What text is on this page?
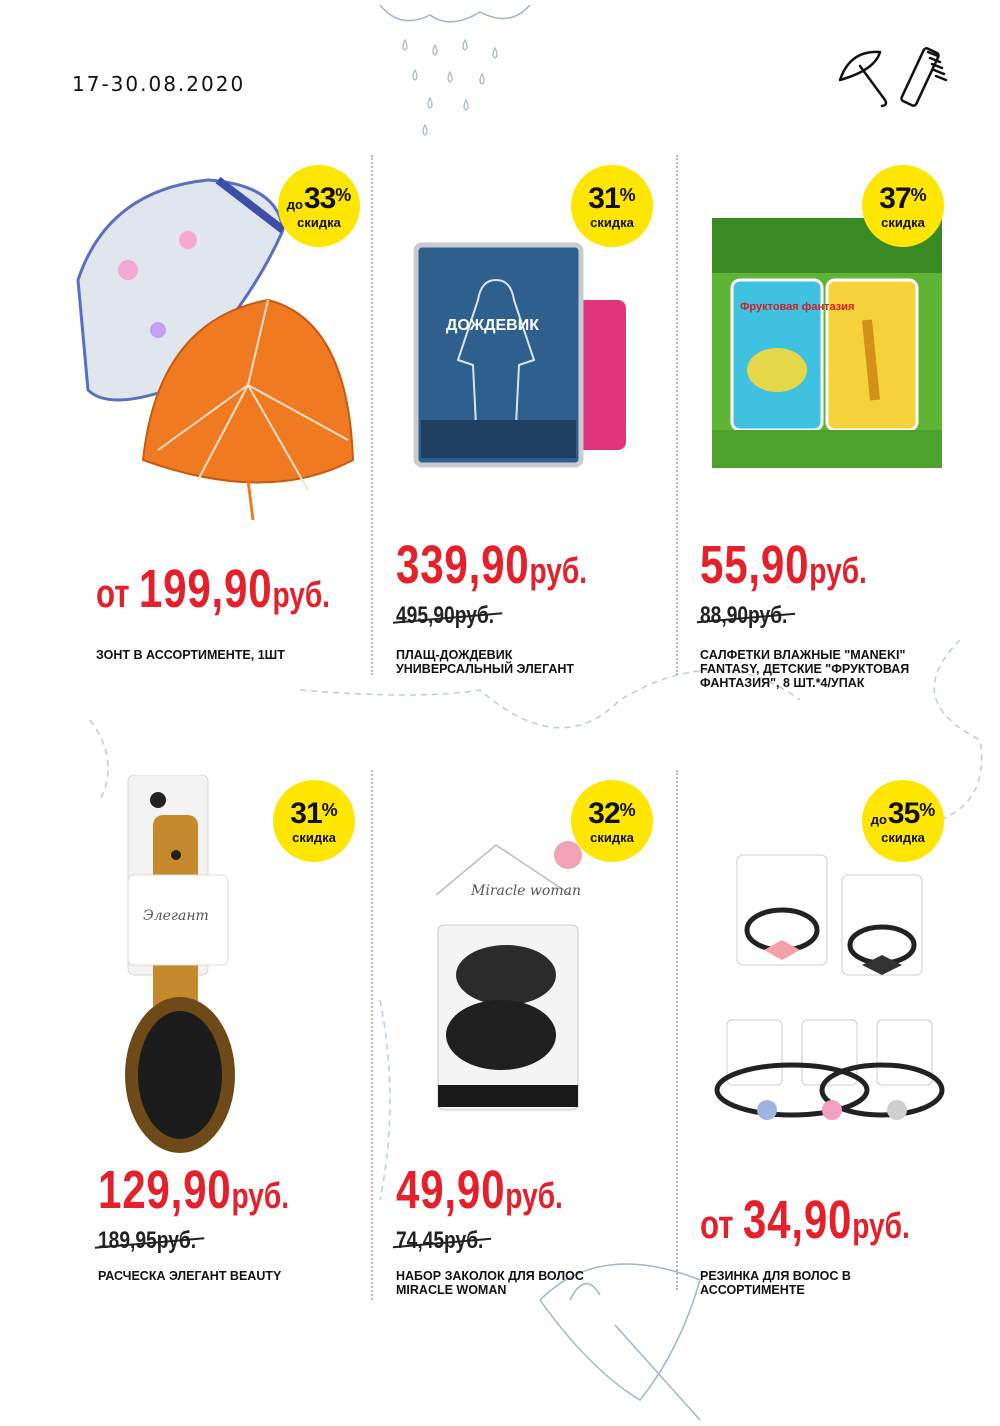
17-30.08.2020
до 33 %
скидка
от 199,90руб.
ЗОНТ В АССОРТИМЕНТЕ, 1ШТ
ДОЖДЕВИК
31 %
скидка
339,90руб.
495,90руб.
ПЛАЩ-ДОЖДЕВИК УНИВЕРСАЛЬНЫЙ ЭЛЕГАНТ
Фруктовая фантазия
37 %
скидка
55,90руб.
88,90руб.
САЛФЕТКИ ВЛАЖНЫЕ "MANEKI" FANTASY, ДЕТСКИЕ "ФРУКТОВАЯ ФАНТАЗИЯ", 8 ШТ.*4/УПАК
Элегант
31 %
скидка
129,90руб.
189,95руб.
РАСЧЕСКА ЭЛЕГАНТ BEAUTY
Miracle woman
32 %
скидка
49,90руб.
74,45руб.
НАБОР ЗАКОЛОК ДЛЯ ВОЛОС MIRACLE WOMAN
до 35 %
скидка
от 34,90руб.
РЕЗИНКА ДЛЯ ВОЛОС В АССОРТИМЕНТЕ
